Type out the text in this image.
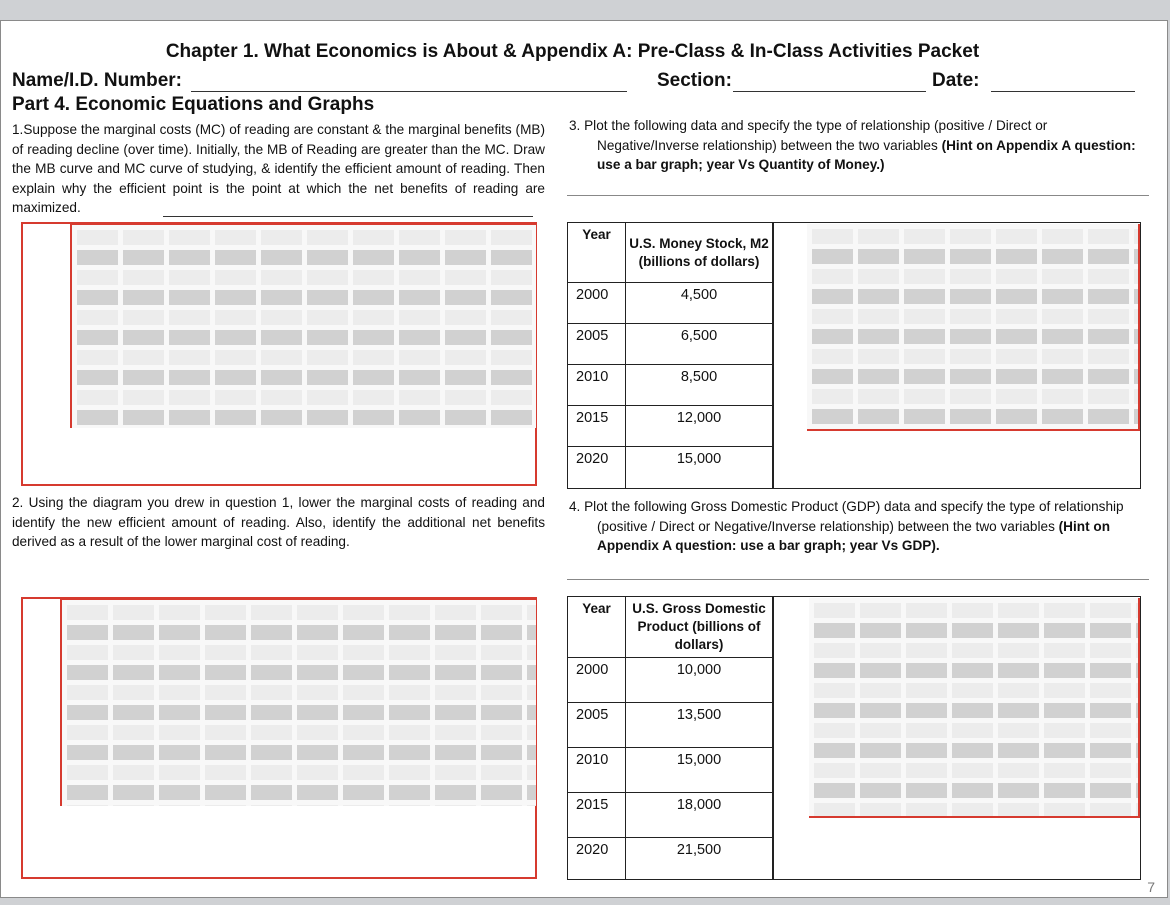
Chapter 1. What Economics is About & Appendix A: Pre-Class & In-Class Activities Packet
Name/I.D. Number:	Section:	Date:
Part 4. Economic Equations and Graphs
1.Suppose the marginal costs (MC) of reading are constant & the marginal benefits (MB) of reading decline (over time). Initially, the MB of Reading are greater than the MC. Draw the MB curve and MC curve of studying, & identify the efficient amount of reading. Then explain why the efficient point is the point at which the net benefits of reading are maximized.
3. Plot the following data and specify the type of relationship (positive / Direct or Negative/Inverse relationship) between the two variables (Hint on Appendix A question: use a bar graph; year Vs Quantity of Money.)
Year	U.S. Money Stock, M2 (billions of dollars)
2000	4,500
2005	6,500
2010	8,500
2015	12,000
2020	15,000
2. Using the diagram you drew in question 1, lower the marginal costs of reading and identify the new efficient amount of reading. Also, identify the additional net benefits derived as a result of the lower marginal cost of reading.
4. Plot the following Gross Domestic Product (GDP) data and specify the type of relationship (positive / Direct or Negative/Inverse relationship) between the two variables (Hint on Appendix A question: use a bar graph; year Vs GDP).
Year	U.S. Gross Domestic Product (billions of dollars)
2000	10,000
2005	13,500
2010	15,000
2015	18,000
2020	21,500
7
